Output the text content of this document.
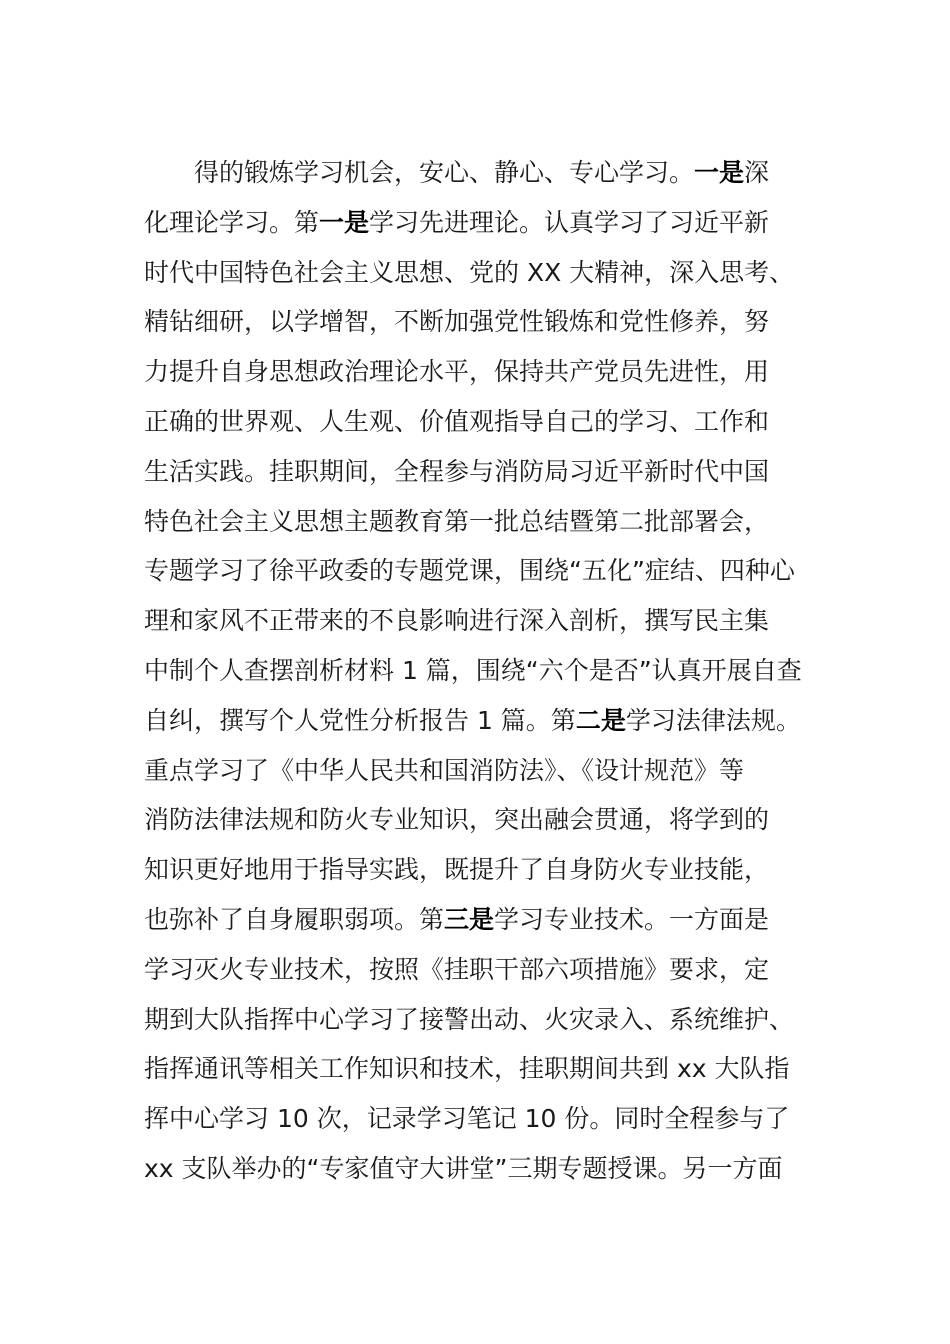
得的锻炼学习机会，安心、静心、专心学习。一是深
化理论学习。第一是学习先进理论。认真学习了习近平新
时代中国特色社会主义思想、党的 XX 大精神，深入思考、
精钻细研，以学增智，不断加强党性锻炼和党性修养，努
力提升自身思想政治理论水平，保持共产党员先进性，用
正确的世界观、人生观、价值观指导自己的学习、工作和
生活实践。挂职期间，全程参与消防局习近平新时代中国
特色社会主义思想主题教育第一批总结暨第二批部署会，
专题学习了徐平政委的专题党课，围绕“五化”症结、四种心
理和家风不正带来的不良影响进行深入剖析，撰写民主集
中制个人查摆剖析材料 1 篇，围绕“六个是否”认真开展自查
自纠，撰写个人党性分析报告 1 篇。第二是学习法律法规。
重点学习了《中华人民共和国消防法》、《设计规范》等
消防法律法规和防火专业知识，突出融会贯通，将学到的
知识更好地用于指导实践，既提升了自身防火专业技能，
也弥补了自身履职弱项。第三是学习专业技术。一方面是
学习灭火专业技术，按照《挂职干部六项措施》要求，定
期到大队指挥中心学习了接警出动、火灾录入、系统维护、
指挥通讯等相关工作知识和技术，挂职期间共到 xx 大队指
挥中心学习 10 次，记录学习笔记 10 份。同时全程参与了
xx 支队举办的“专家值守大讲堂”三期专题授课。另一方面
